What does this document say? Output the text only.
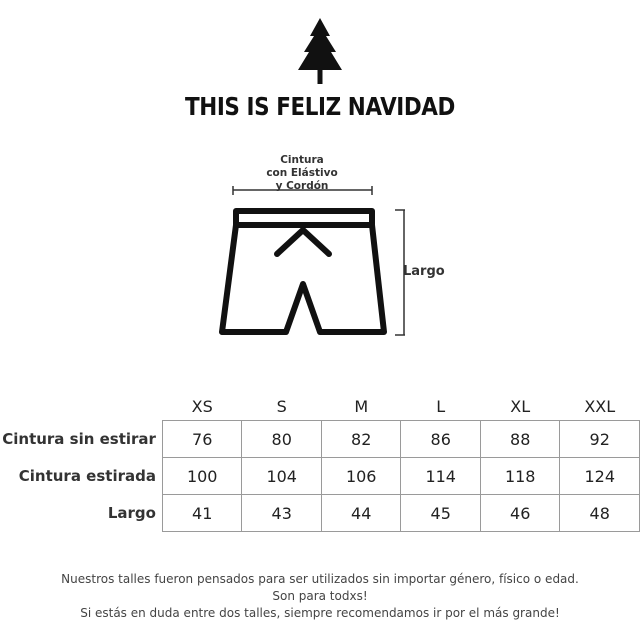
THIS IS FELIZ NAVIDAD
Cintura
con Elástivo
y Cordón
Largo
	XS	S	M	L	XL	XXL
Cintura sin estirar	76	80	82	86	88	92
Cintura estirada	100	104	106	114	118	124
Largo	41	43	44	45	46	48
Nuestros talles fueron pensados para ser utilizados sin importar género, físico o edad.
Son para todxs!
Si estás en duda entre dos talles, siempre recomendamos ir por el más grande!
